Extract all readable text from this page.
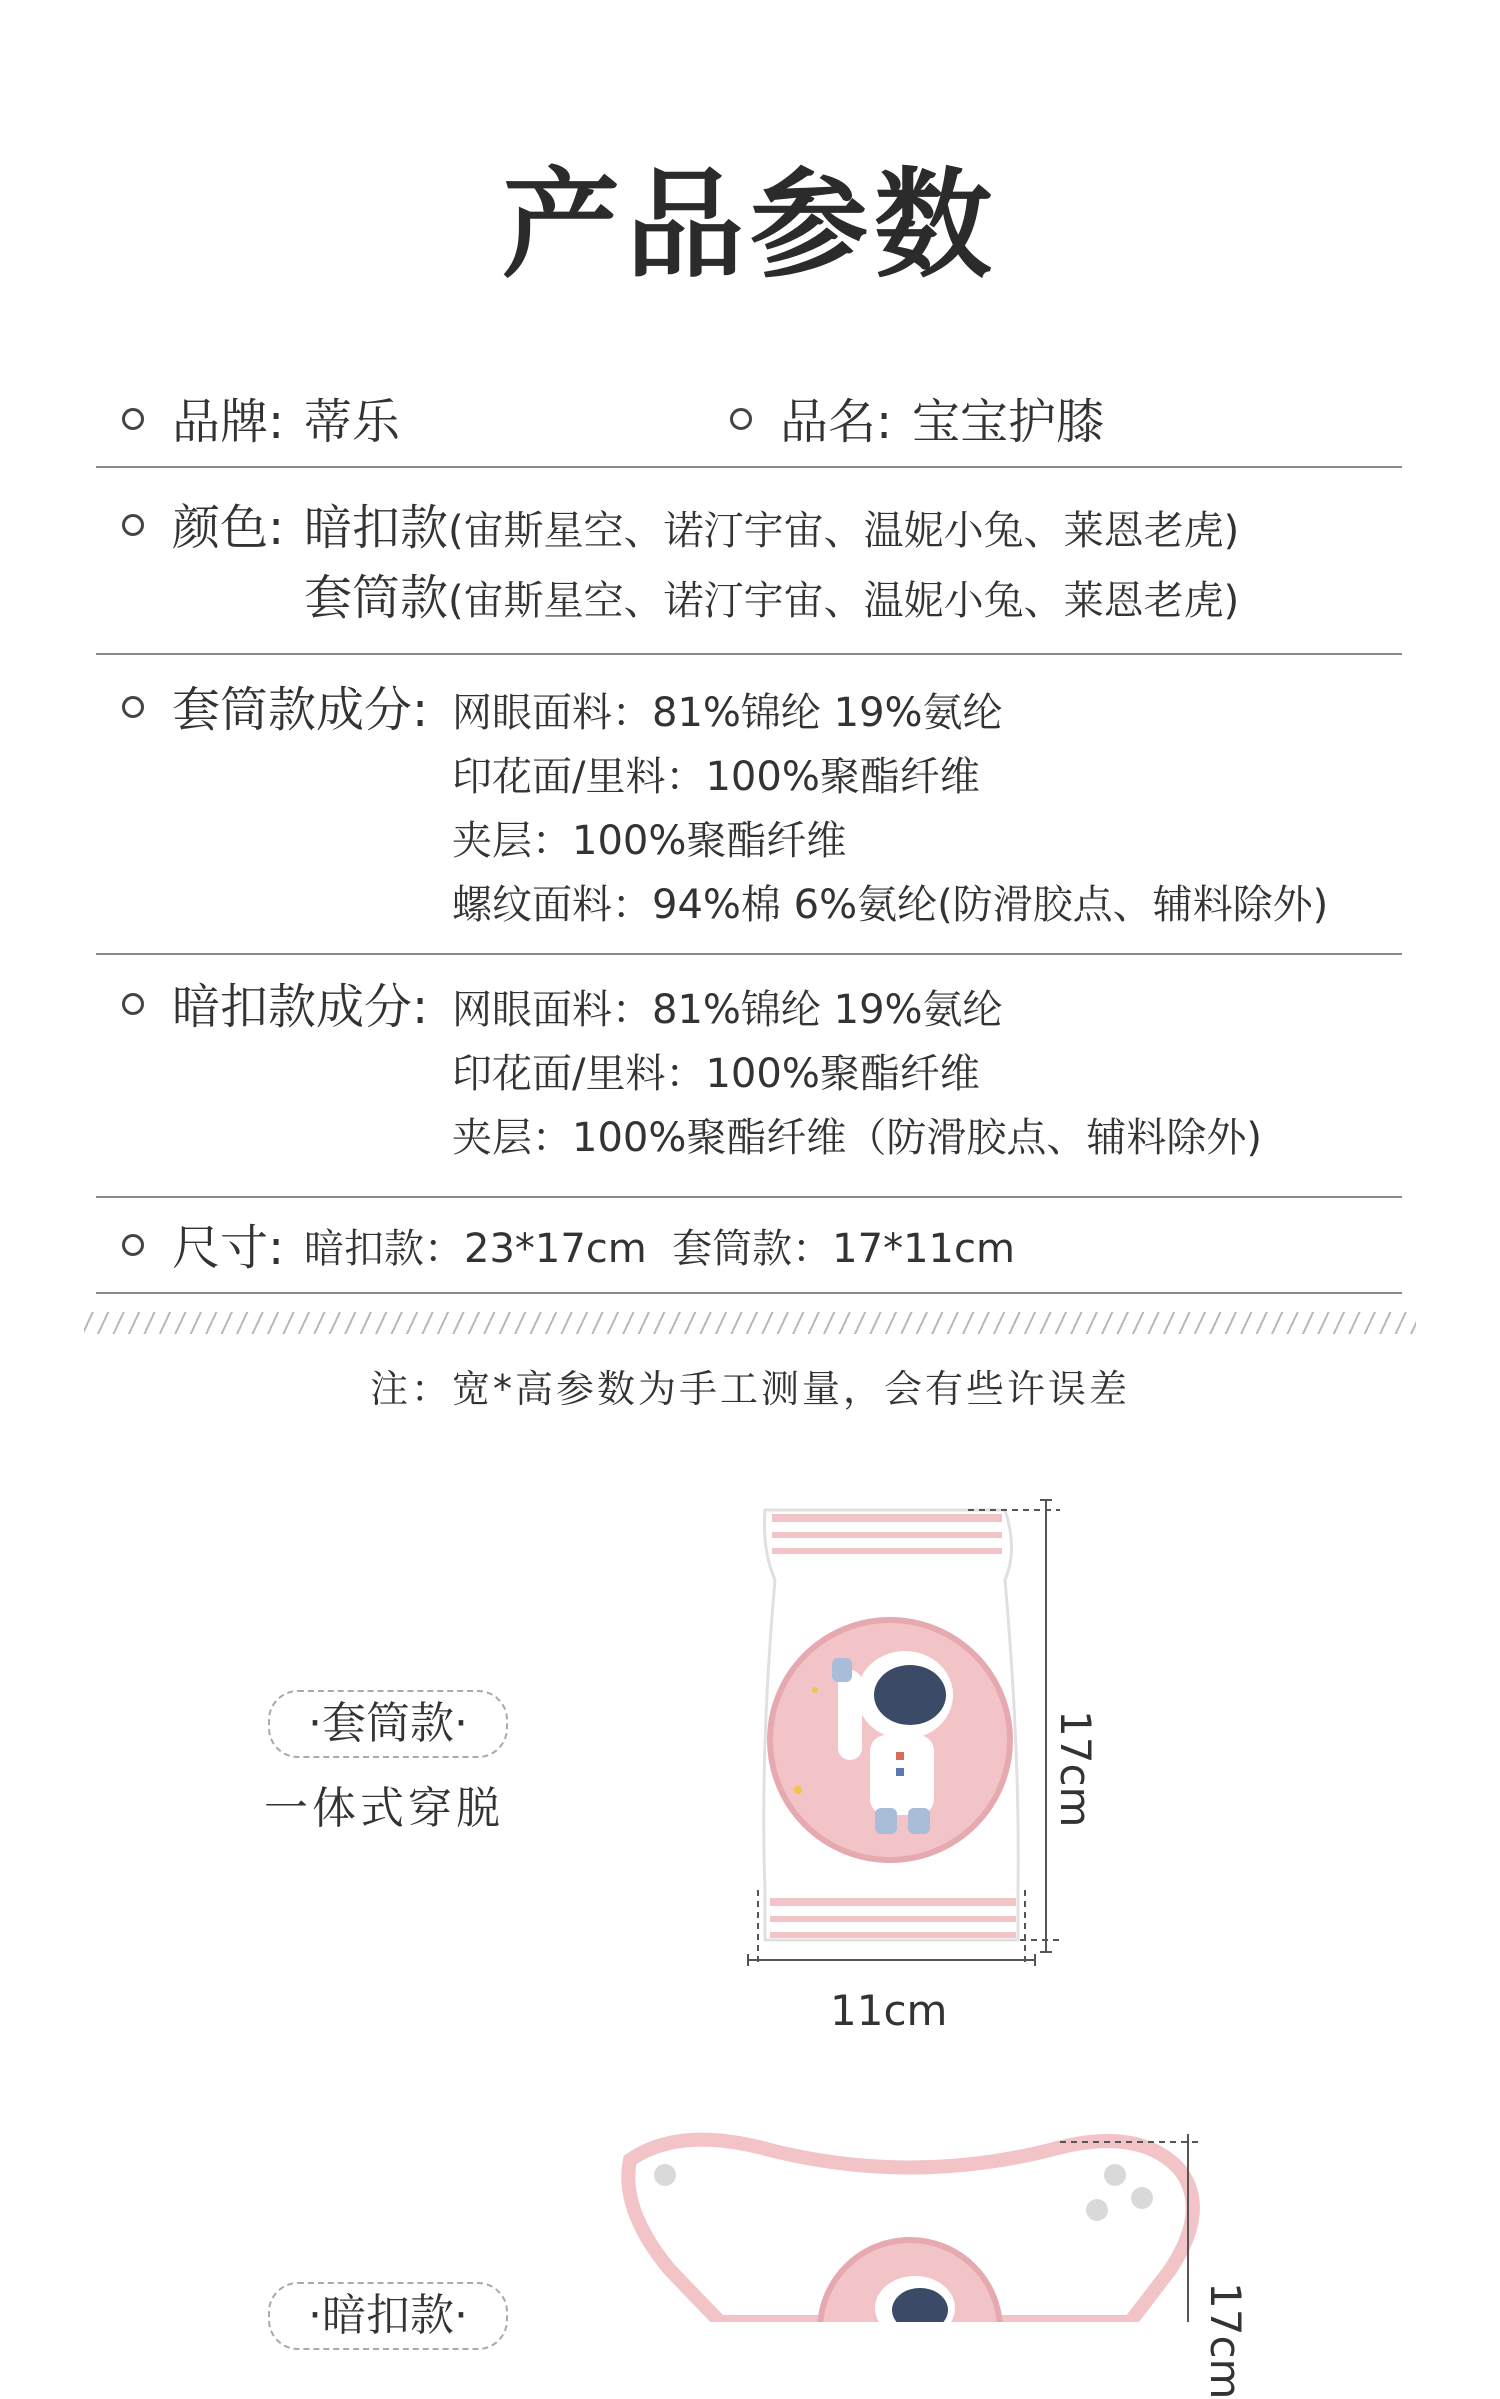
产品参数
品牌: 蒂乐	品名: 宝宝护膝
颜色: 暗扣款(宙斯星空、诺汀宇宙、温妮小兔、莱恩老虎)
套筒款(宙斯星空、诺汀宇宙、温妮小兔、莱恩老虎)
套筒款成分: 网眼面料：81%锦纶 19%氨纶
印花面/里料：100%聚酯纤维
夹层：100%聚酯纤维
螺纹面料：94%棉 6%氨纶(防滑胶点、辅料除外)
暗扣款成分: 网眼面料：81%锦纶 19%氨纶
印花面/里料：100%聚酯纤维
夹层：100%聚酯纤维（防滑胶点、辅料除外)
尺寸: 暗扣款：23*17cm  套筒款：17*11cm
注：宽*高参数为手工测量，会有些许误差
·套筒款·
一体式穿脱	17cm
11cm
·暗扣款·	17cm
